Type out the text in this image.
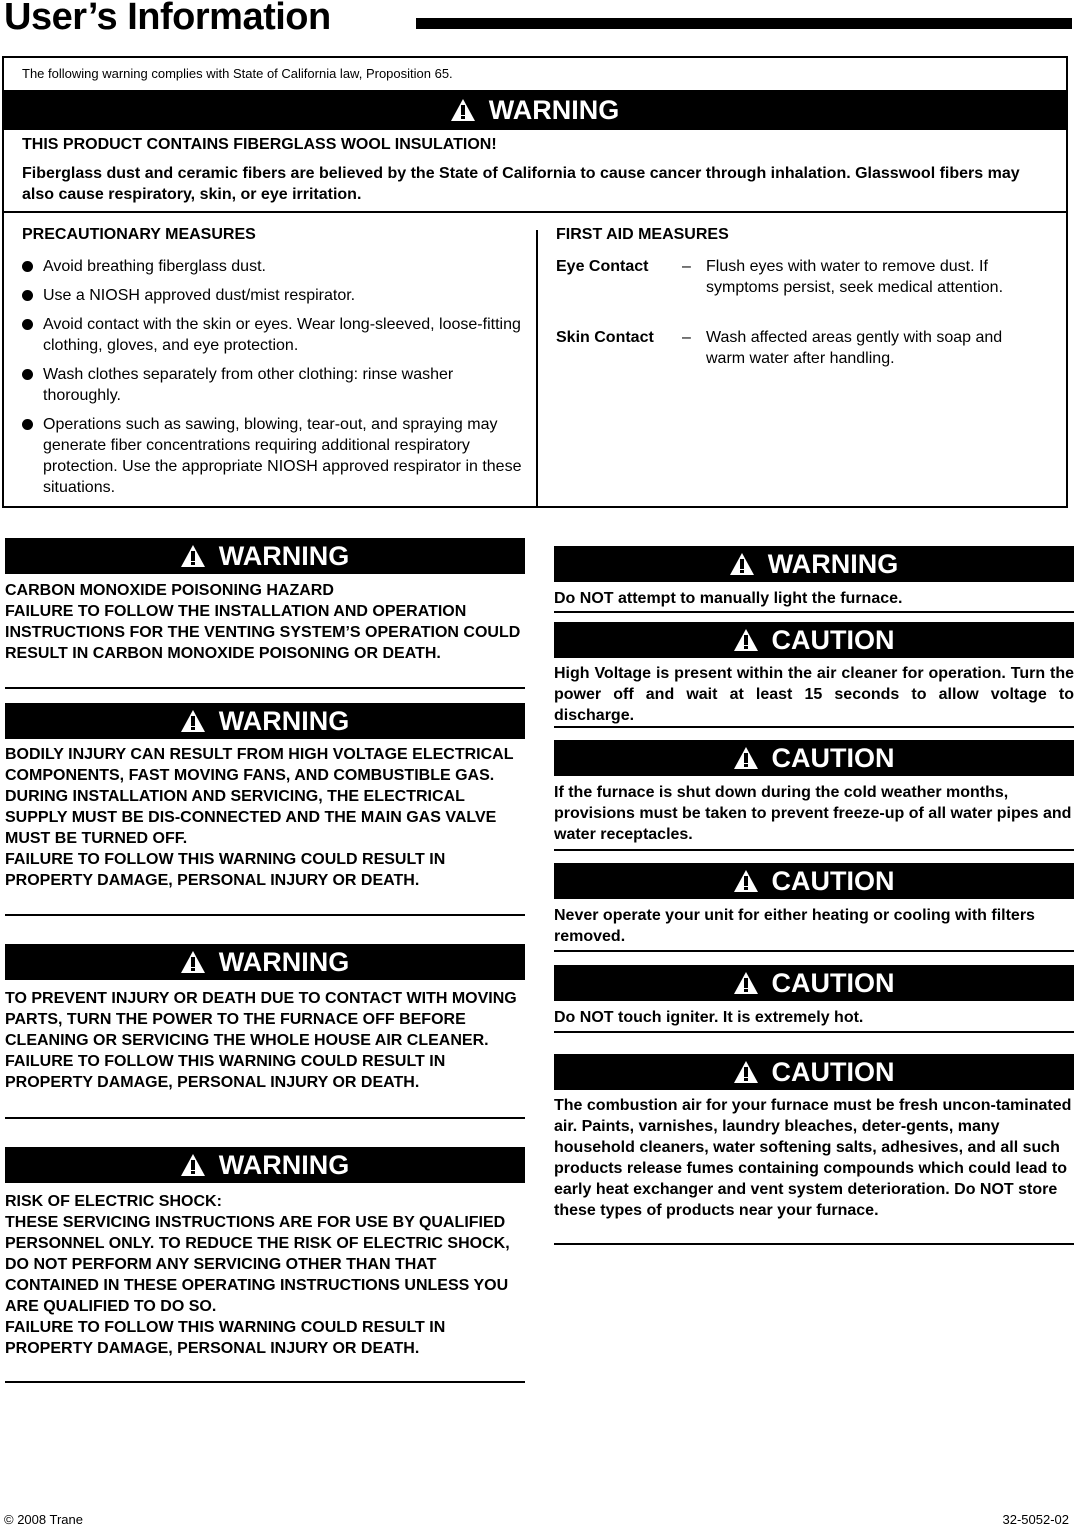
User’s Information
The following warning complies with State of California law, Proposition 65.
WARNING
THIS PRODUCT CONTAINS FIBERGLASS WOOL INSULATION!
Fiberglass dust and ceramic fibers are believed by the State of California to cause cancer through inhalation. Glasswool fibers may also cause respiratory, skin, or eye irritation.
PRECAUTIONARY MEASURES
Avoid breathing fiberglass dust.
Use a NIOSH approved dust/mist respirator.
Avoid contact with the skin or eyes. Wear long-sleeved, loose-fitting clothing, gloves, and eye protection.
Wash clothes separately from other clothing: rinse washer thoroughly.
Operations such as sawing, blowing, tear-out, and spraying may generate fiber concentrations requiring additional respiratory protection. Use the appropriate NIOSH approved respirator in these situations.
FIRST AID MEASURES
Eye Contact – Flush eyes with water to remove dust. If symptoms persist, seek medical attention.
Skin Contact – Wash affected areas gently with soap and warm water after handling.
WARNING
CARBON MONOXIDE POISONING HAZARD
FAILURE TO FOLLOW THE INSTALLATION AND OPERATION INSTRUCTIONS FOR THE VENTING SYSTEM’S OPERATION COULD RESULT IN CARBON MONOXIDE POISONING OR DEATH.
WARNING
BODILY INJURY CAN RESULT FROM HIGH VOLTAGE ELECTRICAL COMPONENTS, FAST MOVING FANS, AND COMBUSTIBLE GAS. DURING INSTALLATION AND SERVICING, THE ELECTRICAL SUPPLY MUST BE DIS-CONNECTED AND THE MAIN GAS VALVE MUST BE TURNED OFF.
FAILURE TO FOLLOW THIS WARNING COULD RESULT IN PROPERTY DAMAGE, PERSONAL INJURY OR DEATH.
WARNING
TO PREVENT INJURY OR DEATH DUE TO CONTACT WITH MOVING PARTS, TURN THE POWER TO THE FURNACE OFF BEFORE CLEANING OR SERVICING THE WHOLE HOUSE AIR CLEANER.
FAILURE TO FOLLOW THIS WARNING COULD RESULT IN PROPERTY DAMAGE, PERSONAL INJURY OR DEATH.
WARNING
RISK OF ELECTRIC SHOCK:
THESE SERVICING INSTRUCTIONS ARE FOR USE BY QUALIFIED PERSONNEL ONLY. TO REDUCE THE RISK OF ELECTRIC SHOCK, DO NOT PERFORM ANY SERVICING OTHER THAN THAT CONTAINED IN THESE OPERATING INSTRUCTIONS UNLESS YOU ARE QUALIFIED TO DO SO.
FAILURE TO FOLLOW THIS WARNING COULD RESULT IN PROPERTY DAMAGE, PERSONAL INJURY OR DEATH.
WARNING
Do NOT attempt to manually light the furnace.
CAUTION
High Voltage is present within the air cleaner for operation. Turn the power off and wait at least 15 seconds to allow voltage to discharge.
CAUTION
If the furnace is shut down during the cold weather months, provisions must be taken to prevent freeze-up of all water pipes and water receptacles.
CAUTION
Never operate your unit for either heating or cooling with filters removed.
CAUTION
Do NOT touch igniter. It is extremely hot.
CAUTION
The combustion air for your furnace must be fresh uncon-taminated air. Paints, varnishes, laundry bleaches, deter-gents, many household cleaners, water softening salts, adhesives, and all such products release fumes containing compounds which could lead to early heat exchanger and vent system deterioration. Do NOT store these types of products near your furnace.
© 2008 Trane	32-5052-02
